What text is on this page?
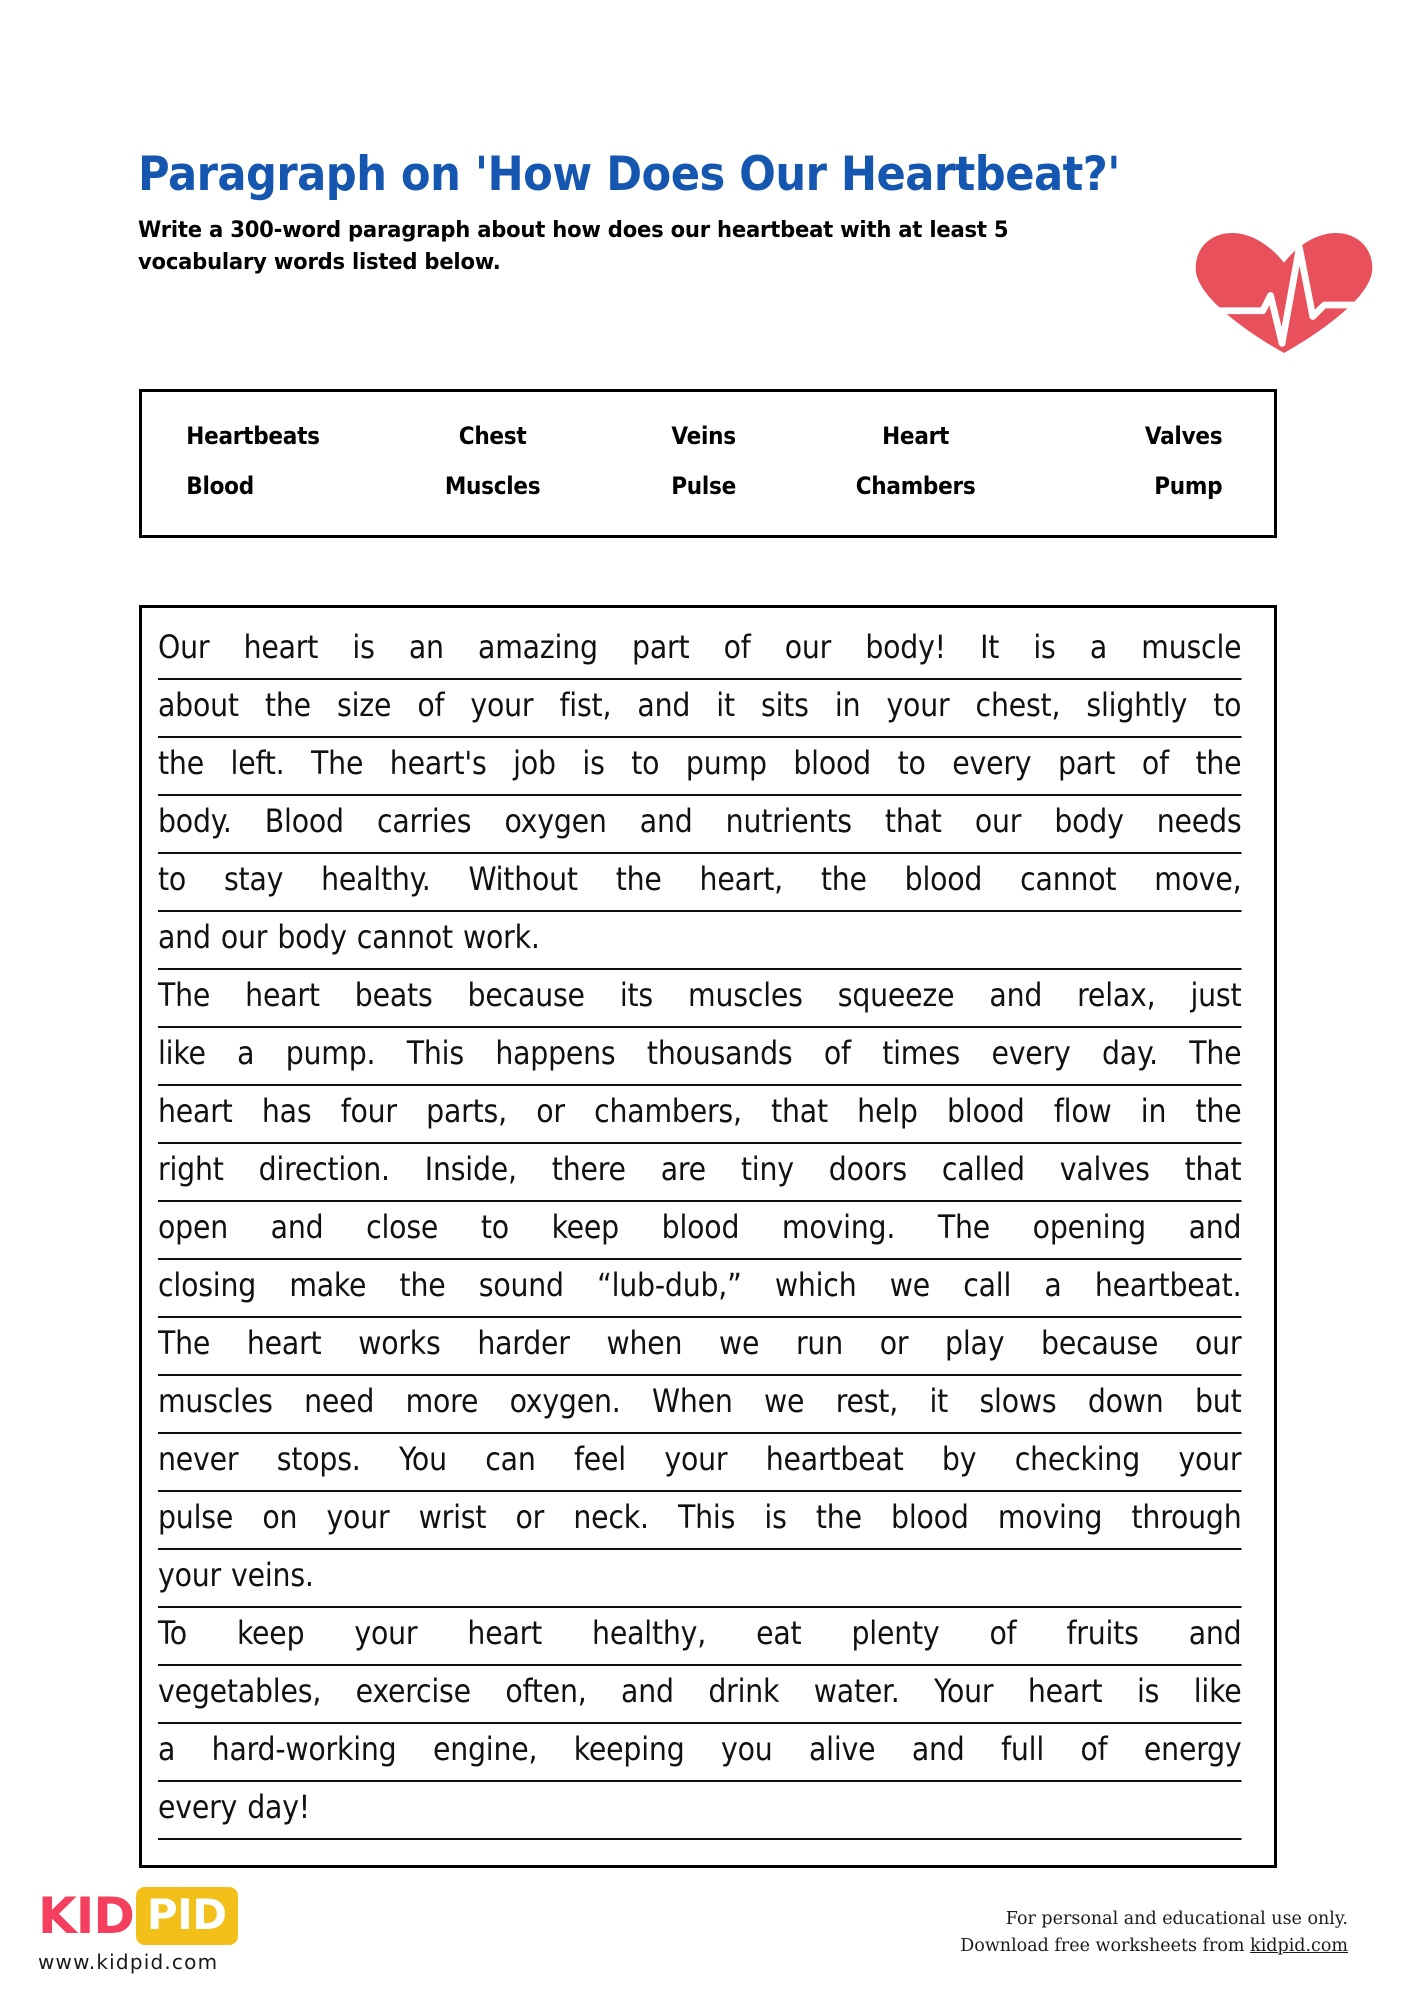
Paragraph on 'How Does Our Heartbeat?'
Write a 300-word paragraph about how does our heartbeat with at least 5 vocabulary words listed below.
Heartbeats	Chest	Veins	Heart	Valves
Blood	Muscles	Pulse	Chambers	Pump
Our heart is an amazing part of our body! It is a muscle
about the size of your fist, and it sits in your chest, slightly to
the left. The heart's job is to pump blood to every part of the
body. Blood carries oxygen and nutrients that our body needs
to stay healthy. Without the heart, the blood cannot move,
and our body cannot work.
The heart beats because its muscles squeeze and relax, just
like a pump. This happens thousands of times every day. The
heart has four parts, or chambers, that help blood flow in the
right direction. Inside, there are tiny doors called valves that
open and close to keep blood moving. The opening and
closing make the sound “lub-dub,” which we call a heartbeat.
The heart works harder when we run or play because our
muscles need more oxygen. When we rest, it slows down but
never stops. You can feel your heartbeat by checking your
pulse on your wrist or neck. This is the blood moving through
your veins.
To keep your heart healthy, eat plenty of fruits and
vegetables, exercise often, and drink water. Your heart is like
a hard-working engine, keeping you alive and full of energy
every day!
KID PID
www.kidpid.com
For personal and educational use only.
Download free worksheets from kidpid.com
